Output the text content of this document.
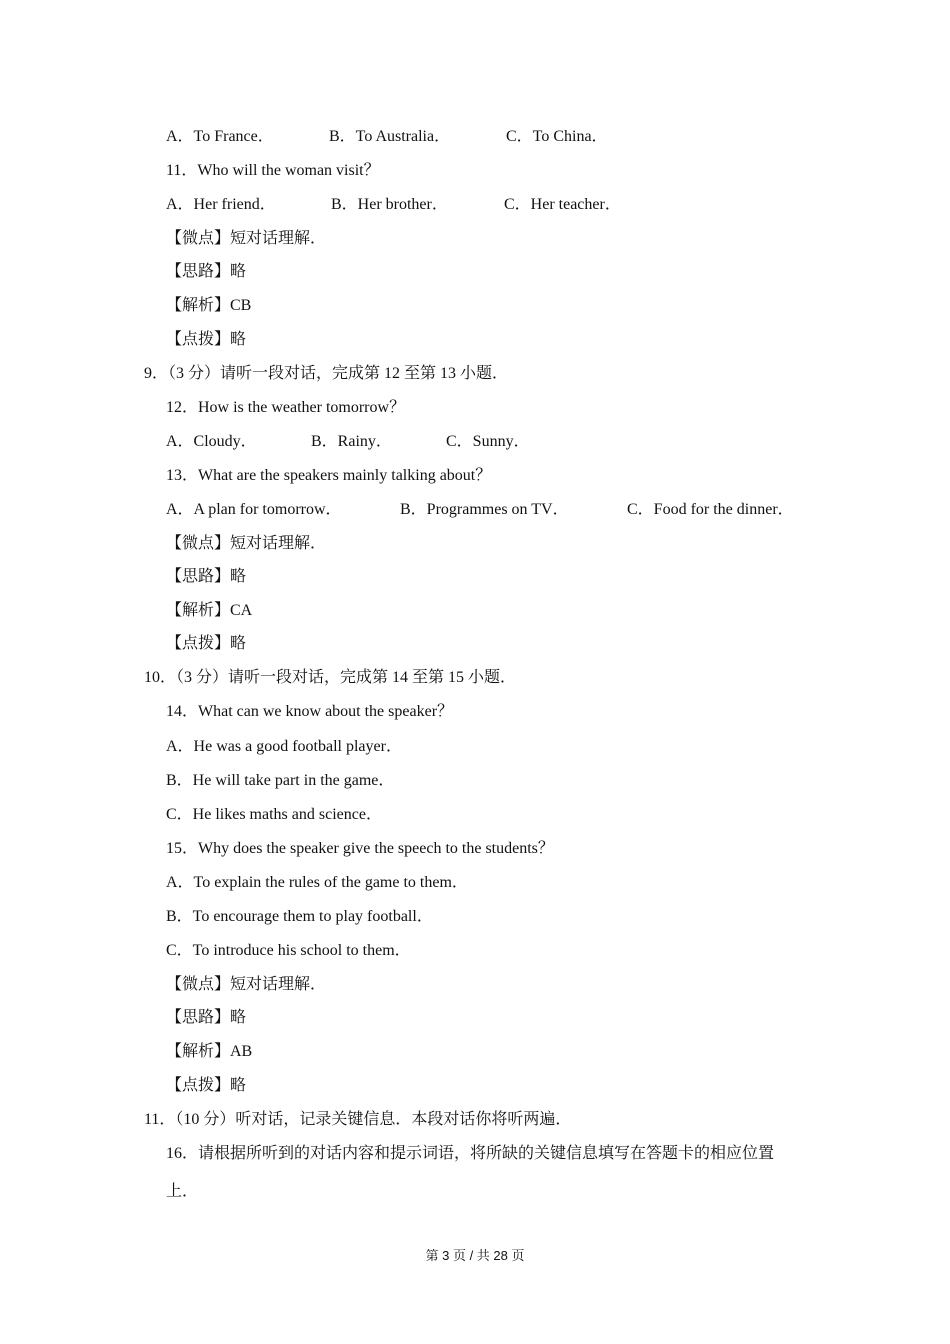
A．To France．	B．To Australia．	C．To China．
11．Who will the woman visit？
A．Her friend．	B．Her brother．	C．Her teacher．
【微点】短对话理解．
【思路】略
【解析】CB
【点拨】略
9．（3 分）请听一段对话，完成第 12 至第 13 小题．
12．How is the weather tomorrow？
A．Cloudy．	B．Rainy．	C．Sunny．
13．What are the speakers mainly talking about？
A．A plan for tomorrow．	B．Programmes on TV．	C．Food for the dinner．
【微点】短对话理解．
【思路】略
【解析】CA
【点拨】略
10．（3 分）请听一段对话，完成第 14 至第 15 小题．
14．What can we know about the speaker？
A．He was a good football player．
B．He will take part in the game．
C．He likes maths and science．
15．Why does the speaker give the speech to the students？
A．To explain the rules of the game to them．
B．To encourage them to play football．
C．To introduce his school to them．
【微点】短对话理解．
【思路】略
【解析】AB
【点拨】略
11．（10 分）听对话，记录关键信息．本段对话你将听两遍．
16．请根据所听到的对话内容和提示词语，将所缺的关键信息填写在答题卡的相应位置
上．
第 3 页 / 共 28 页
